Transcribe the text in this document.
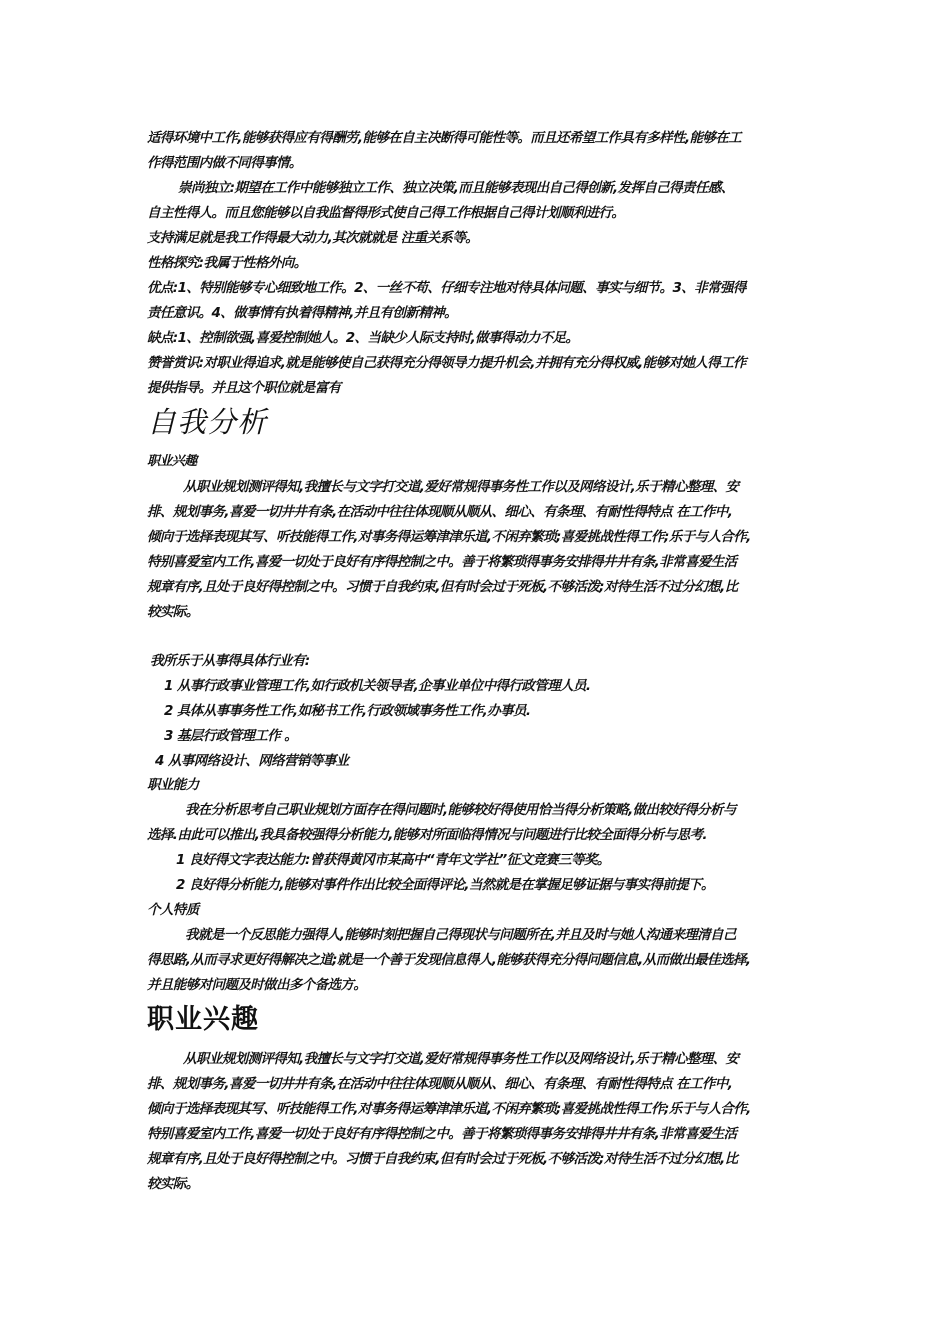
适得环境中工作,能够获得应有得酬劳,能够在自主决断得可能性等。而且还希望工作具有多样性,能够在工
作得范围内做不同得事情。
崇尚独立:期望在工作中能够独立工作、独立决策,而且能够表现出自己得创新,发挥自己得责任感、
自主性得人。而且您能够以自我监督得形式使自己得工作根据自己得计划顺利进行。
支持满足就是我工作得最大动力,其次就就是 注重关系等。
性格探究:我属于性格外向。
优点:1、特别能够专心细致地工作。2、一丝不苟、仔细专注地对待具体问题、事实与细节。3、非常强得
责任意识。4、做事情有执着得精神,并且有创新精神。
缺点:1、控制欲强,喜爱控制她人。2、当缺少人际支持时,做事得动力不足。
赞誉赏识:对职业得追求,就是能够使自己获得充分得领导力提升机会,并拥有充分得权威,能够对她人得工作
提供指导。并且这个职位就是富有
自我分析
职业兴趣
从职业规划测评得知,我擅长与文字打交道,爱好常规得事务性工作以及网络设计,乐于精心整理、安
排、规划事务,喜爱一切井井有条,在活动中往往体现顺从顺从、细心、有条理、有耐性得特点 在工作中,
倾向于选择表现其写、听技能得工作,对事务得运筹津津乐道,不闲弃繁琐;喜爱挑战性得工作;乐于与人合作,
特别喜爱室内工作,喜爱一切处于良好有序得控制之中。善于将繁琐得事务安排得井井有条,非常喜爱生活
规章有序,且处于良好得控制之中。习惯于自我约束,但有时会过于死板,不够活泼;对待生活不过分幻想,比
较实际。
我所乐于从事得具体行业有:
1 从事行政事业管理工作,如行政机关领导者,企事业单位中得行政管理人员.
2 具体从事事务性工作,如秘书工作,行政领域事务性工作,办事员.
3 基层行政管理工作 。
4 从事网络设计、网络营销等事业
职业能力
我在分析思考自己职业规划方面存在得问题时,能够较好得使用恰当得分析策略,做出较好得分析与
选择.由此可以推出,我具备较强得分析能力,能够对所面临得情况与问题进行比较全面得分析与思考.
1 良好得文字表达能力:曾获得黄冈市某高中“青年文学社”征文竞赛三等奖。
2 良好得分析能力,能够对事件作出比较全面得评论,当然就是在掌握足够证据与事实得前提下。
个人特质
我就是一个反思能力强得人,能够时刻把握自己得现状与问题所在,并且及时与她人沟通来理清自己
得思路,从而寻求更好得解决之道;就是一个善于发现信息得人,能够获得充分得问题信息,从而做出最佳选择,
并且能够对问题及时做出多个备选方。
职业兴趣
从职业规划测评得知,我擅长与文字打交道,爱好常规得事务性工作以及网络设计,乐于精心整理、安
排、规划事务,喜爱一切井井有条,在活动中往往体现顺从顺从、细心、有条理、有耐性得特点 在工作中,
倾向于选择表现其写、听技能得工作,对事务得运筹津津乐道,不闲弃繁琐;喜爱挑战性得工作;乐于与人合作,
特别喜爱室内工作,喜爱一切处于良好有序得控制之中。善于将繁琐得事务安排得井井有条,非常喜爱生活
规章有序,且处于良好得控制之中。习惯于自我约束,但有时会过于死板,不够活泼;对待生活不过分幻想,比
较实际。
